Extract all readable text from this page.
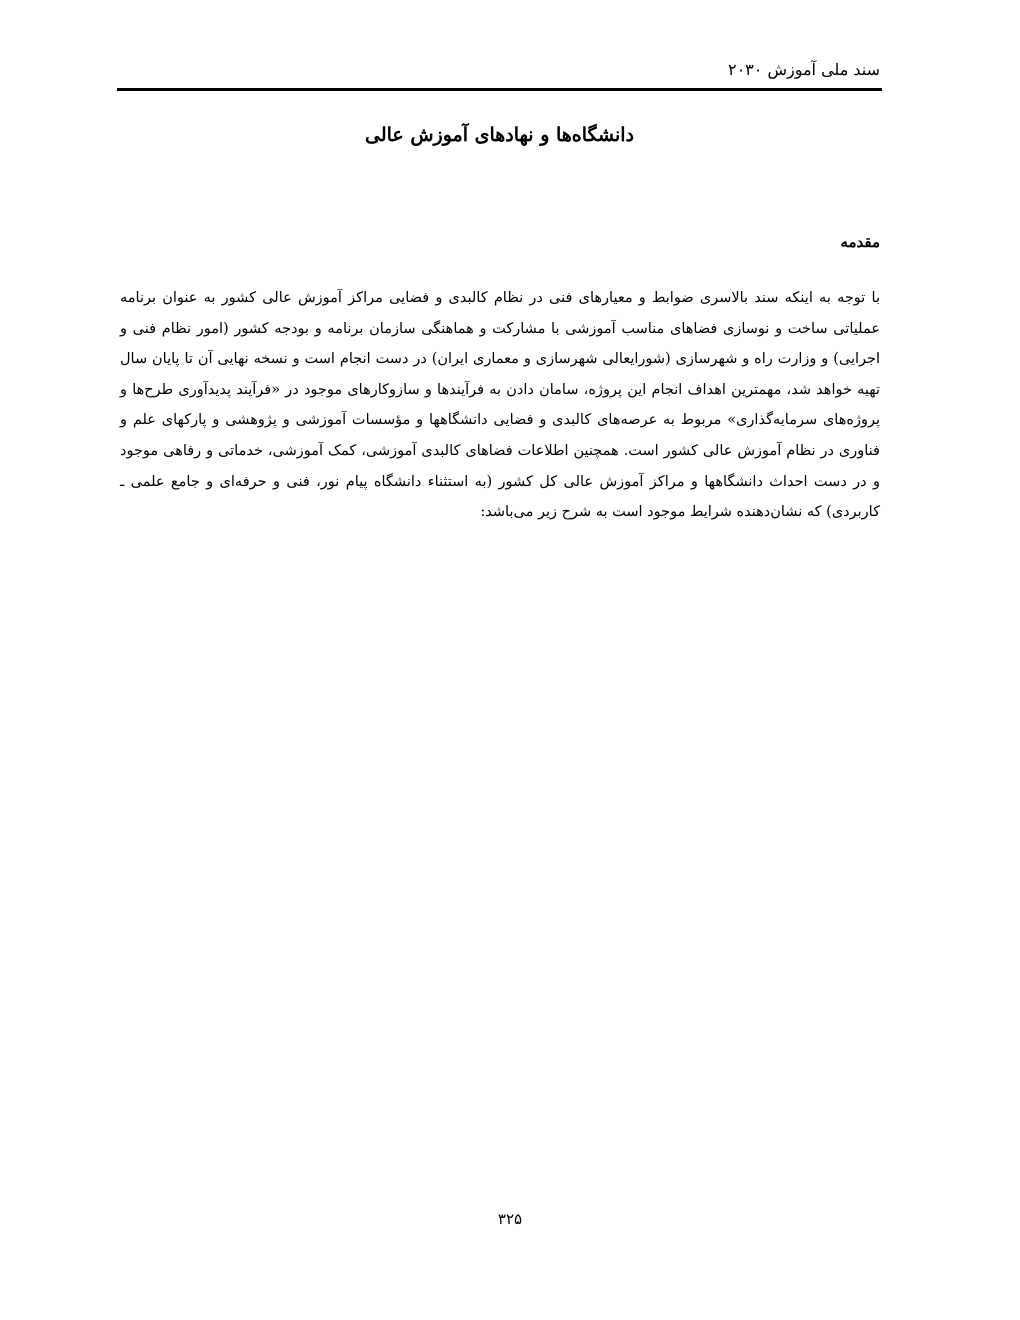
سند ملی آموزش ۲۰۳۰
دانشگاه‌ها و نهادهای آموزش عالی
مقدمه

با توجه به اینکه سند بالاسری ضوابط و معیارهای فنی در نظام کالبدی و فضایی مراکز آموزش عالی کشور به عنوان برنامه عملیاتی ساخت و نوسازی فضاهای مناسب آموزشی با مشارکت و هماهنگی سازمان برنامه و بودجه کشور (امور نظام فنی و اجرایی) و وزارت راه و شهرسازی (شورایعالی شهرسازی و معماری ایران) در دست انجام است و نسخه نهایی آن تا پایان سال تهیه خواهد شد، مهمترین اهداف انجام این پروژه، سامان دادن به فرآیندها و سازوکارهای موجود در «فرآیند پدیدآوری طرح‌ها و پروژه‌های سرمایه‌گذاری» مربوط به عرصه‌های کالبدی و فضایی دانشگاهها و مؤسسات آموزشی و پژوهشی و پارکهای علم و فناوری در نظام آموزش عالی کشور است. همچنین اطلاعات فضاهای کالبدی آموزشی، کمک آموزشی، خدماتی و رفاهی موجود و در دست احداث دانشگاهها و مراکز آموزش عالی کل کشور (به استثناء دانشگاه پیام نور، فنی و حرفه‌ای و جامع علمی ـ کاربردی) که نشان‌دهنده شرایط موجود است به شرح زیر می‌باشد:

۳۲۵
